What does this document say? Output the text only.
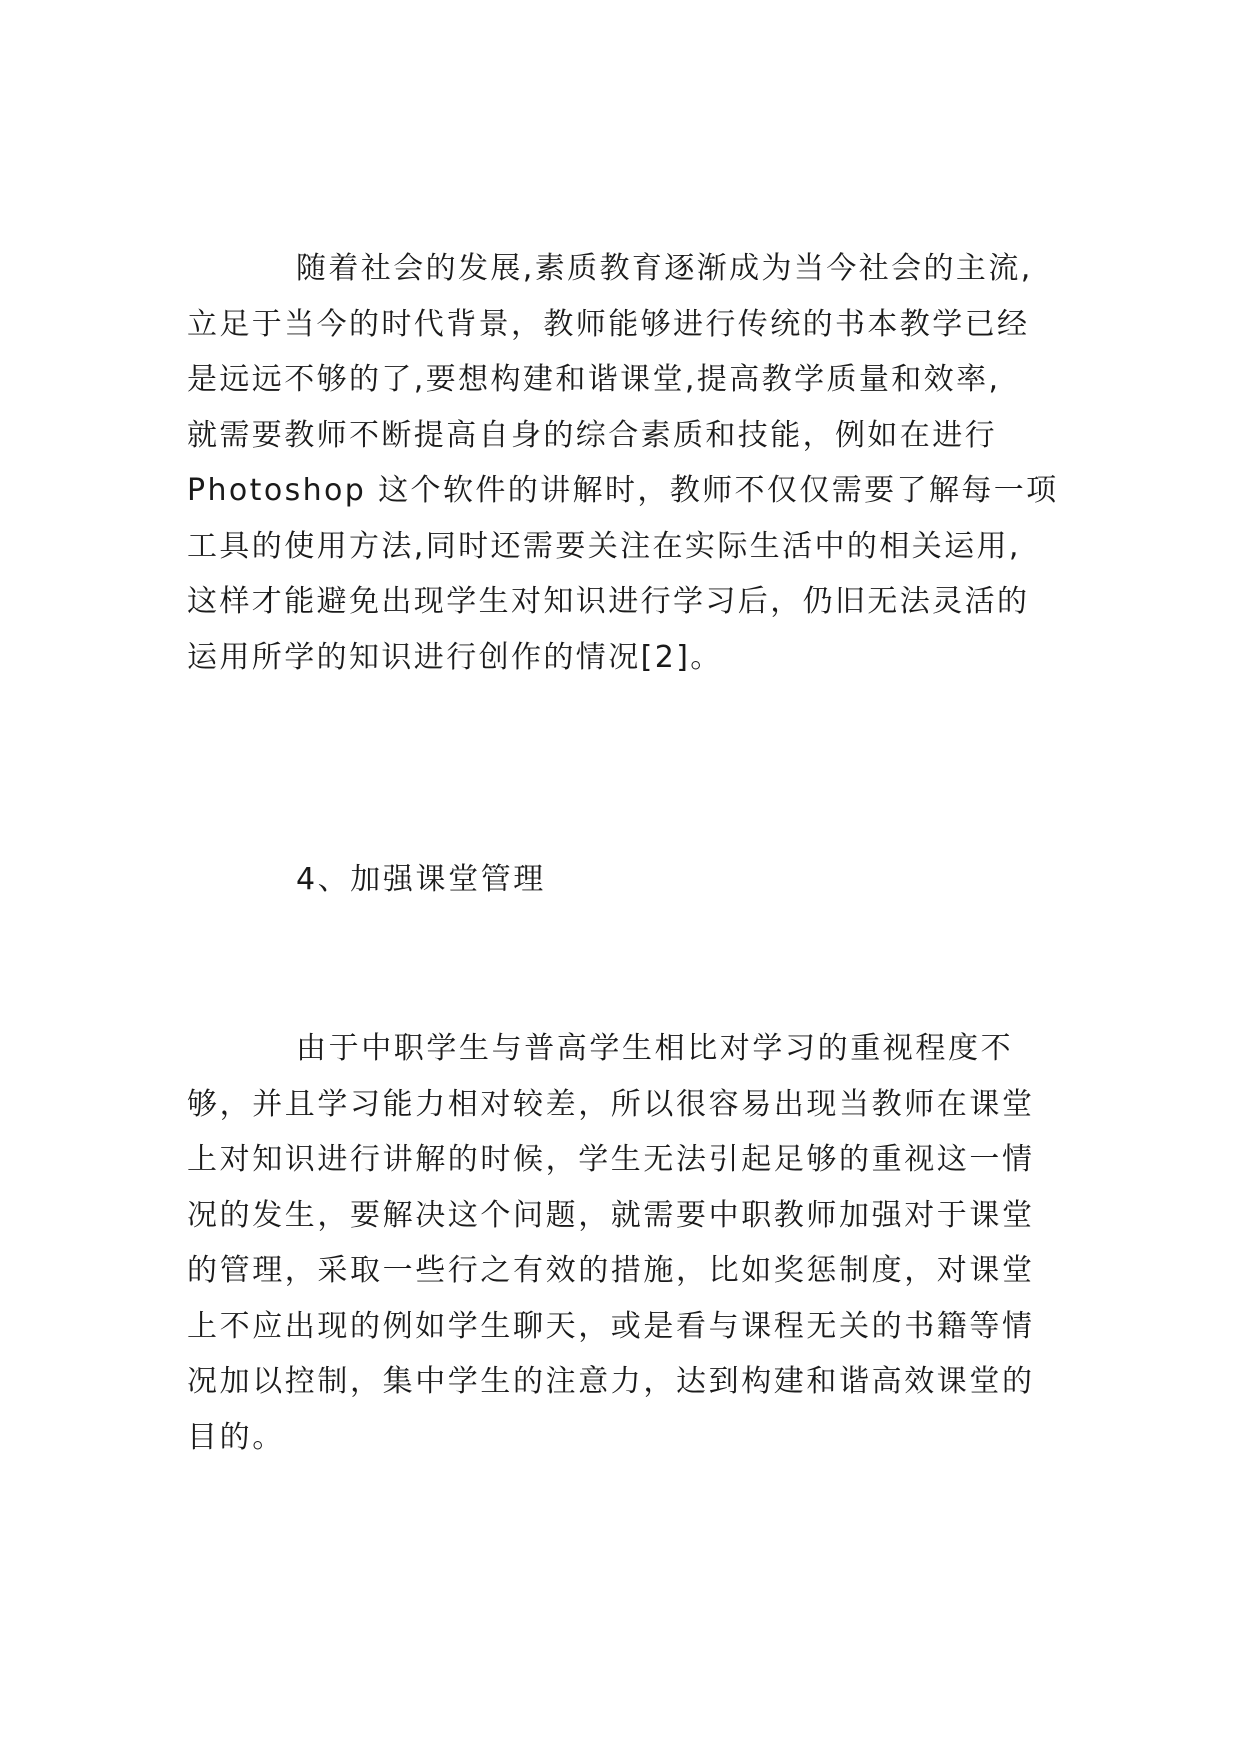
随着社会的发展,素质教育逐渐成为当今社会的主流,
立足于当今的时代背景，教师能够进行传统的书本教学已经
是远远不够的了,要想构建和谐课堂,提高教学质量和效率,
就需要教师不断提高自身的综合素质和技能，例如在进行
Photoshop 这个软件的讲解时，教师不仅仅需要了解每一项
工具的使用方法,同时还需要关注在实际生活中的相关运用,
这样才能避免出现学生对知识进行学习后，仍旧无法灵活的
运用所学的知识进行创作的情况[2]。
4、加强课堂管理
由于中职学生与普高学生相比对学习的重视程度不
够，并且学习能力相对较差，所以很容易出现当教师在课堂
上对知识进行讲解的时候，学生无法引起足够的重视这一情
况的发生，要解决这个问题，就需要中职教师加强对于课堂
的管理，采取一些行之有效的措施，比如奖惩制度，对课堂
上不应出现的例如学生聊天，或是看与课程无关的书籍等情
况加以控制，集中学生的注意力，达到构建和谐高效课堂的
目的。
